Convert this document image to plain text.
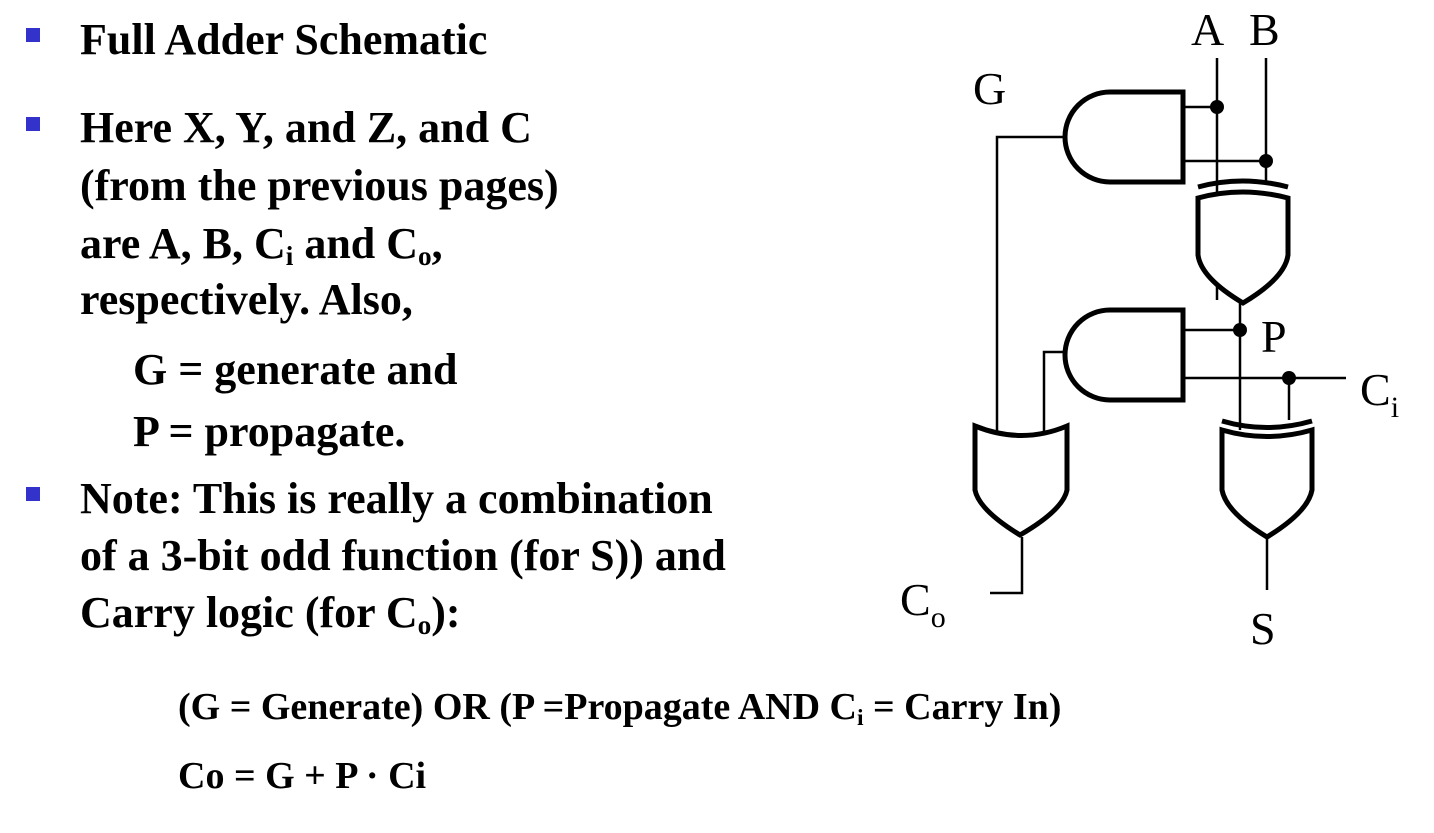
Full Adder Schematic
Here X, Y, and Z, and C
(from the previous pages)
are A, B, $C_i$ and $C_o$,
respectively. Also,
G = generate and
P = propagate.
Note: This is really a combination
of a 3-bit odd function (for S)) and
Carry logic (for $C_o$):
(G = Generate) OR (P =Propagate AND $C_i$ = Carry In)
Co = G + P · Ci
A B
G
P
$C_i$
$C_o$	S
